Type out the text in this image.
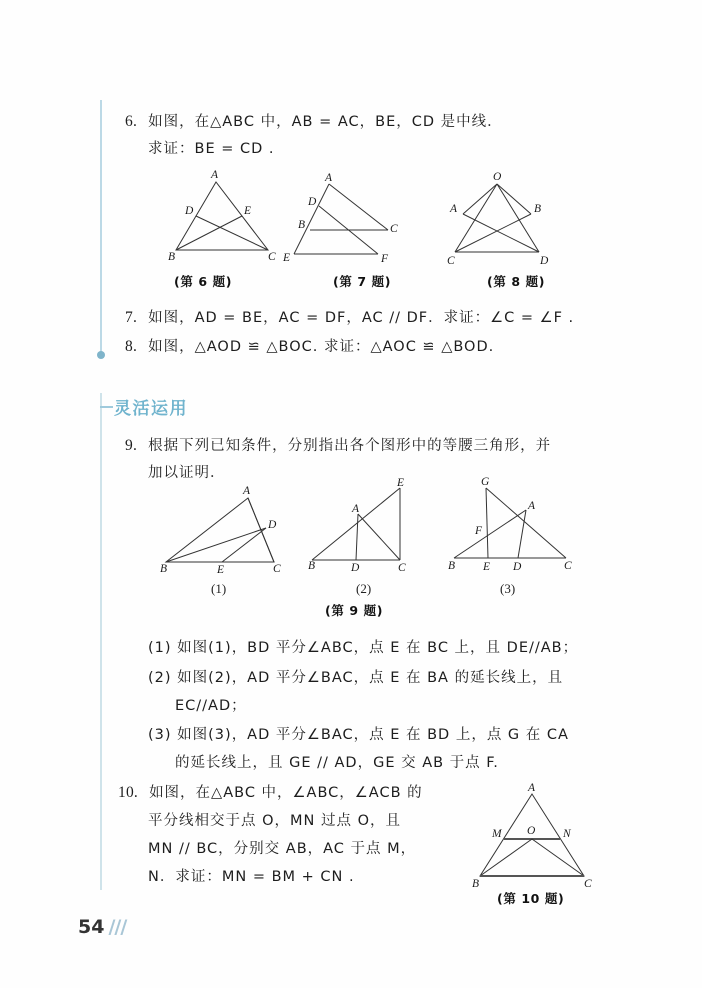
6. 如图，在△ABC 中，AB = AC，BE，CD 是中线．
求证：BE = CD .
A
B	C
D	E
(第 6 题)
A
D
B
E
C
F
(第 7 题)
O
A	B
C	D
(第 8 题)
7. 如图，AD = BE，AC = DF，AC // DF．求证：∠C = ∠F .
8. 如图，△AOD ≌ △BOC. 求证：△AOC ≌ △BOD.
灵活运用
9. 根据下列已知条件，分别指出各个图形中的等腰三角形，并
加以证明．
A
B	C
D
E
(1)
E
A
B	D	C
(2)
G
A
F
B E D	C
(3)
(第 9 题)
(1) 如图(1)，BD 平分∠ABC，点 E 在 BC 上，且 DE//AB；
(2) 如图(2)，AD 平分∠BAC，点 E 在 BA 的延长线上，且
EC//AD；
(3) 如图(3)，AD 平分∠BAC，点 E 在 BD 上，点 G 在 CA
的延长线上，且 GE // AD，GE 交 AB 于点 F.
10. 如图，在△ABC 中，∠ABC，∠ACB 的
平分线相交于点 O，MN 过点 O，且
MN // BC，分别交 AB，AC 于点 M，
N．求证：MN = BM + CN .
A
M O N
B	C
(第 10 题)
54 ///
